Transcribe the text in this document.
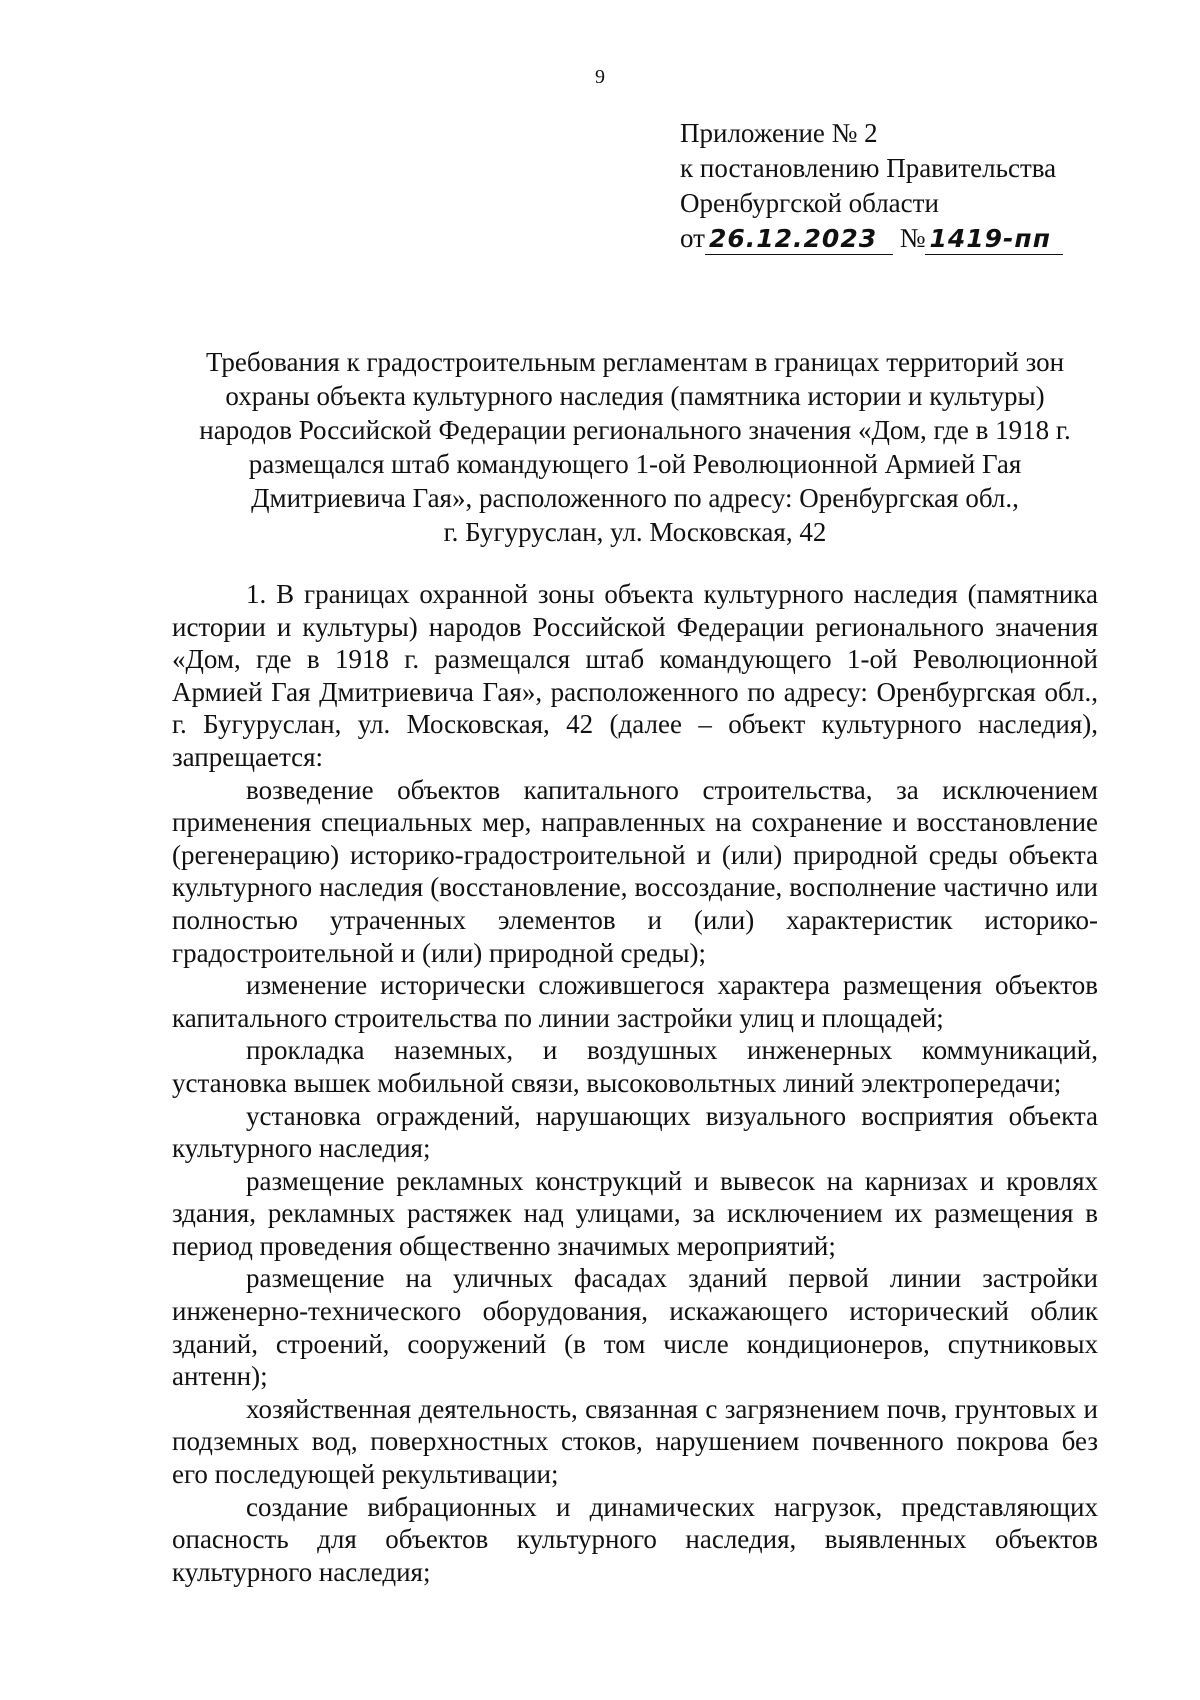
9
Приложение № 2
к постановлению Правительства
Оренбургской области
от 26.12.2023 № 1419-пп
Требования к градостроительным регламентам в границах территорий зон
охраны объекта культурного наследия (памятника истории и культуры)
народов Российской Федерации регионального значения «Дом, где в 1918 г.
размещался штаб командующего 1-ой Революционной Армией Гая
Дмитриевича Гая», расположенного по адресу: Оренбургская обл.,
г. Бугуруслан, ул. Московская, 42

1. В границах охранной зоны объекта культурного наследия (памятника истории и культуры) народов Российской Федерации регионального значения «Дом, где в 1918 г. размещался штаб командующего 1-ой Революционной Армией Гая Дмитриевича Гая», расположенного по адресу: Оренбургская обл., г. Бугуруслан, ул. Московская, 42 (далее – объект культурного наследия), запрещается:

возведение объектов капитального строительства, за исключением применения специальных мер, направленных на сохранение и восстановление (регенерацию) историко-градостроительной и (или) природной среды объекта культурного наследия (восстановление, воссоздание, восполнение частично или полностью утраченных элементов и (или) характеристик историко-градостроительной и (или) природной среды);

изменение исторически сложившегося характера размещения объектов капитального строительства по линии застройки улиц и площадей;

прокладка наземных, и воздушных инженерных коммуникаций, установка вышек мобильной связи, высоковольтных линий электропередачи;

установка ограждений, нарушающих визуального восприятия объекта культурного наследия;

размещение рекламных конструкций и вывесок на карнизах и кровлях здания, рекламных растяжек над улицами, за исключением их размещения в период проведения общественно значимых мероприятий;

размещение на уличных фасадах зданий первой линии застройки инженерно-технического оборудования, искажающего исторический облик зданий, строений, сооружений (в том числе кондиционеров, спутниковых антенн);

хозяйственная деятельность, связанная с загрязнением почв, грунтовых и подземных вод, поверхностных стоков, нарушением почвенного покрова без его последующей рекультивации;

создание вибрационных и динамических нагрузок, представляющих опасность для объектов культурного наследия, выявленных объектов культурного наследия;
